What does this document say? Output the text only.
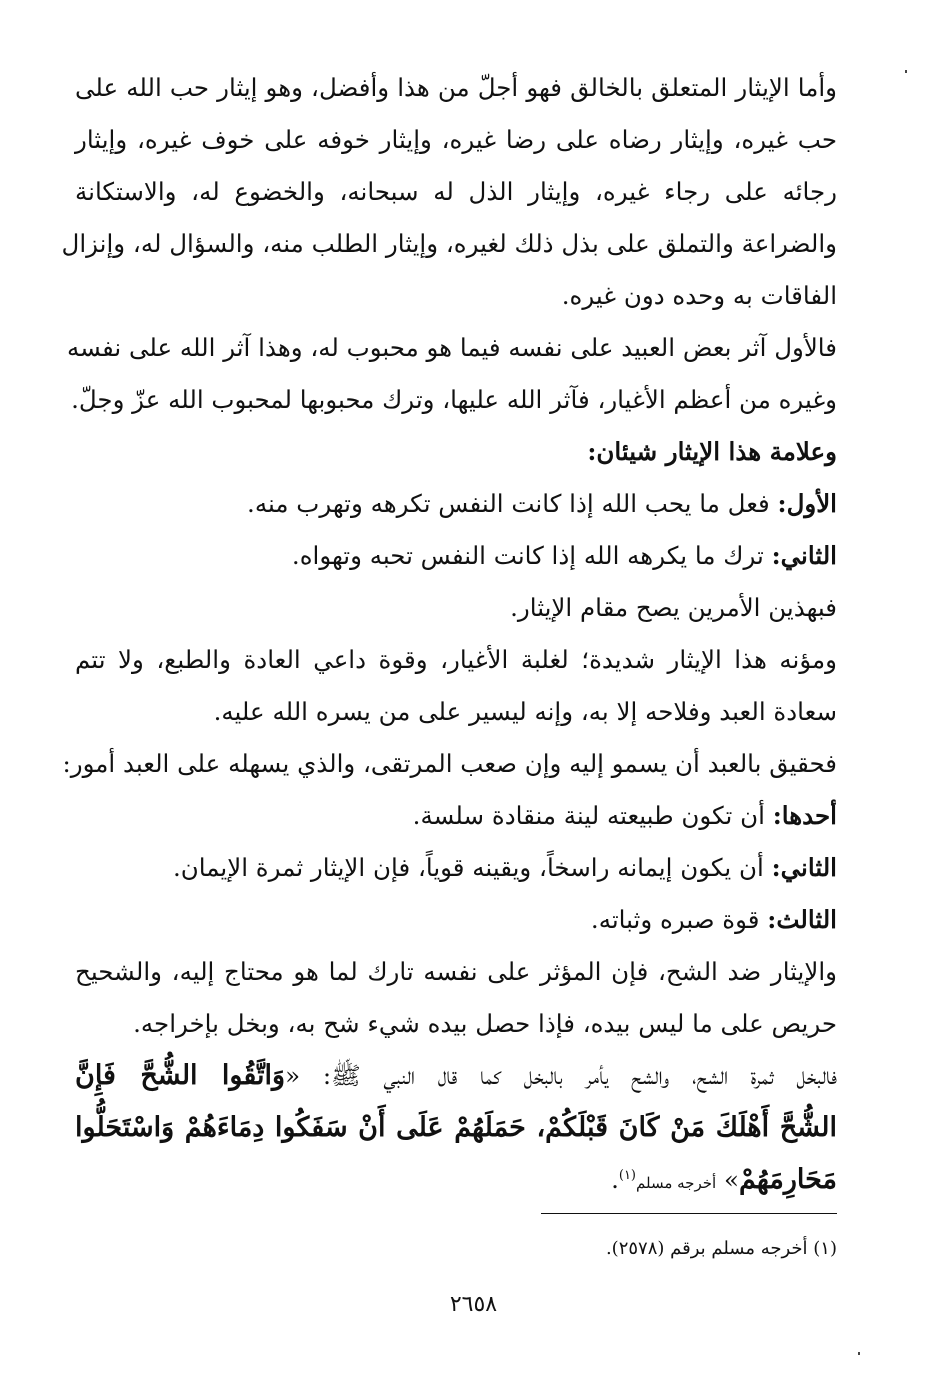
وأما الإيثار المتعلق بالخالق فهو أجلّ من هذا وأفضل، وهو إيثار حب الله على
حب غيره، وإيثار رضاه على رضا غيره، وإيثار خوفه على خوف غيره، وإيثار
رجائه على رجاء غيره، وإيثار الذل له سبحانه، والخضوع له، والاستكانة
والضراعة والتملق على بذل ذلك لغيره، وإيثار الطلب منه، والسؤال له، وإنزال
الفاقات به وحده دون غيره.
فالأول آثر بعض العبيد على نفسه فيما هو محبوب له، وهذا آثر الله على نفسه
وغيره من أعظم الأغيار، فآثر الله عليها، وترك محبوبها لمحبوب الله عزّ وجلّ.
وعلامة هذا الإيثار شيئان:
الأول: فعل ما يحب الله إذا كانت النفس تكرهه وتهرب منه.
الثاني: ترك ما يكرهه الله إذا كانت النفس تحبه وتهواه.
فبهذين الأمرين يصح مقام الإيثار.
ومؤنه هذا الإيثار شديدة؛ لغلبة الأغيار، وقوة داعي العادة والطبع، ولا تتم
سعادة العبد وفلاحه إلا به، وإنه ليسير على من يسره الله عليه.
فحقيق بالعبد أن يسمو إليه وإن صعب المرتقى، والذي يسهله على العبد أمور:
أحدها: أن تكون طبيعته لينة منقادة سلسة.
الثاني: أن يكون إيمانه راسخاً، ويقينه قوياً، فإن الإيثار ثمرة الإيمان.
الثالث: قوة صبره وثباته.
والإيثار ضد الشح، فإن المؤثر على نفسه تارك لما هو محتاج إليه، والشحيح
حريص على ما ليس بيده، فإذا حصل بيده شيء شح به، وبخل بإخراجه.
فالبخل ثمرة الشح، والشح يأمر بالبخل كما قال النبي ﷺ: «وَاتَّقُوا الشُّحَّ فَإِنَّ
الشُّحَّ أَهْلَكَ مَنْ كَانَ قَبْلَكُمْ، حَمَلَهُمْ عَلَى أَنْ سَفَكُوا دِمَاءَهُمْ وَاسْتَحَلُّوا
مَحَارِمَهُمْ» أخرجه مسلم$^{(١)}$.
(١) أخرجه مسلم برقم (٢٥٧٨).
٢٦٥٨
